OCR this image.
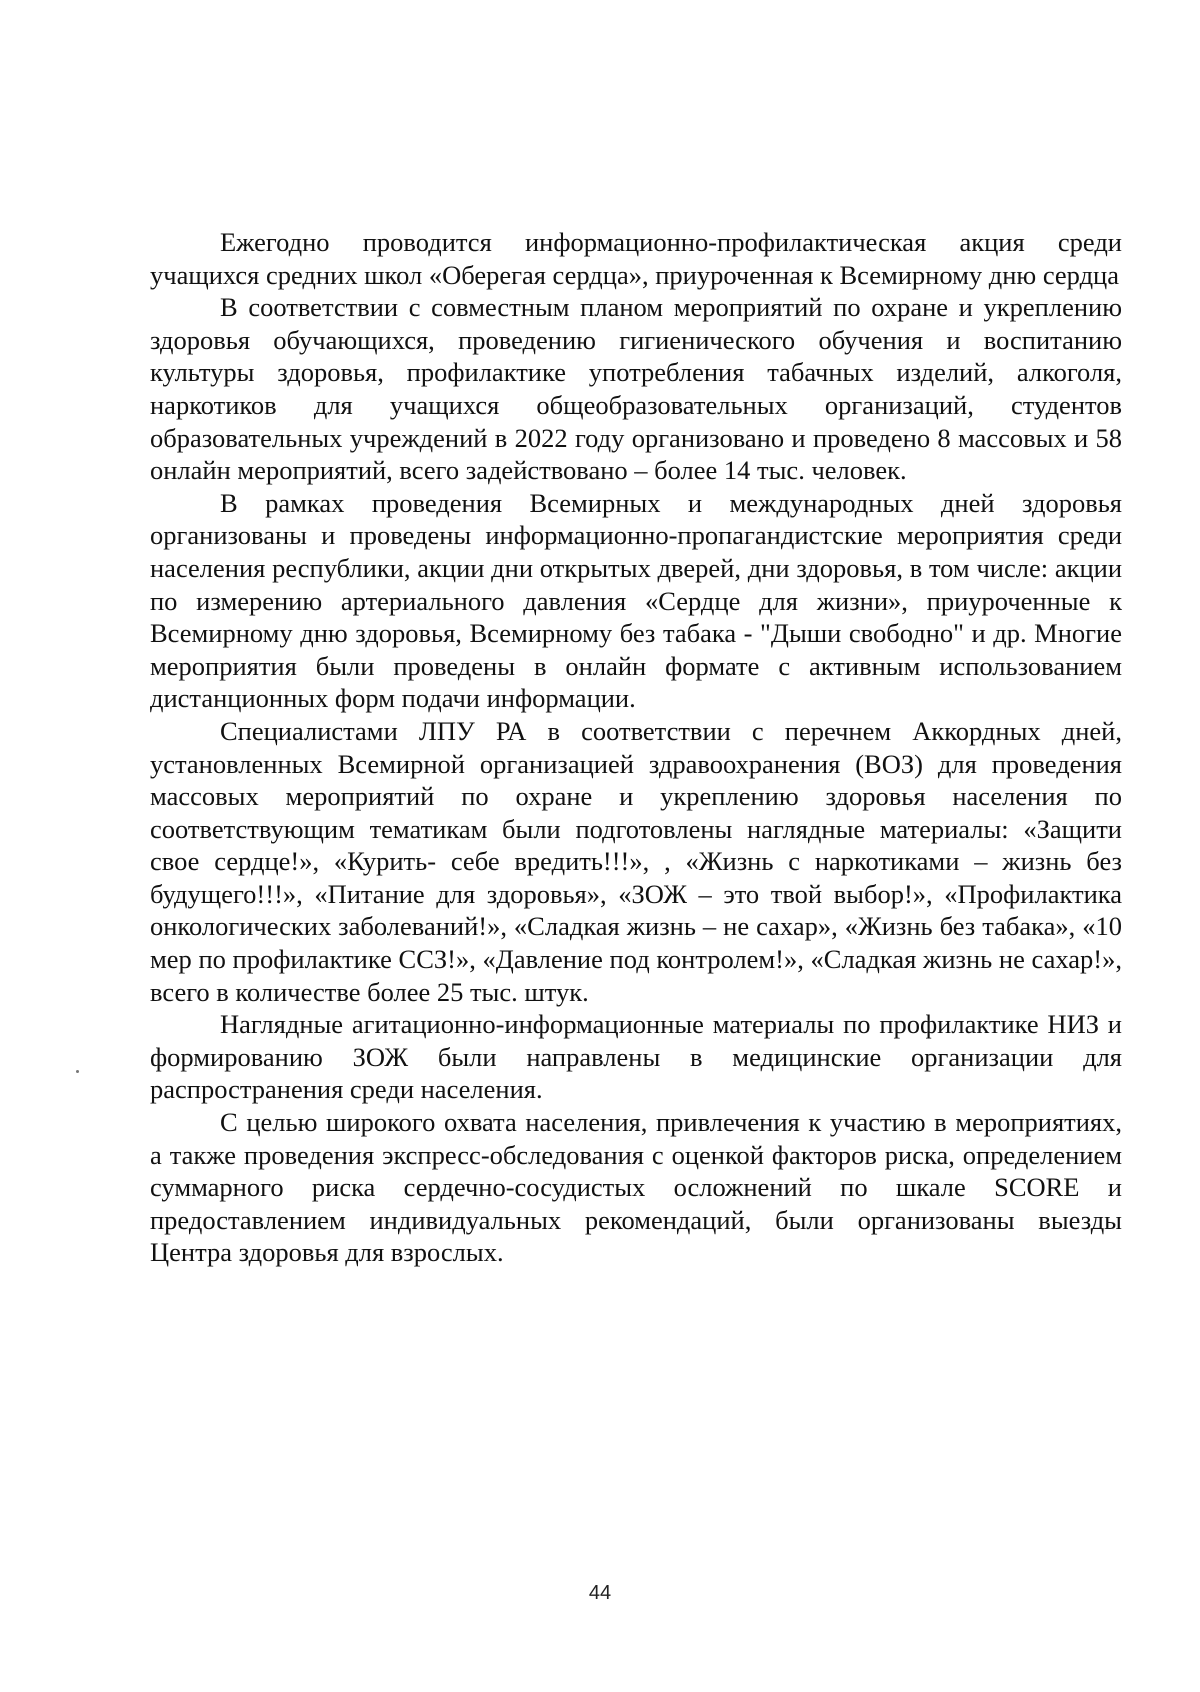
Ежегодно проводится информационно-профилактическая акция среди учащихся средних школ «Оберегая сердца», приуроченная к Всемирному дню сердца

В соответствии с совместным планом мероприятий по охране и укреплению здоровья обучающихся, проведению гигиенического обучения и воспитанию культуры здоровья, профилактике употребления табачных изделий, алкоголя, наркотиков для учащихся общеобразовательных организаций, студентов образовательных учреждений в 2022 году организовано и проведено 8 массовых и 58 онлайн мероприятий, всего задействовано – более 14 тыс. человек.

В рамках проведения Всемирных и международных дней здоровья организованы и проведены информационно-пропагандистские мероприятия среди населения республики, акции дни открытых дверей, дни здоровья, в том числе: акции по измерению артериального давления «Сердце для жизни», приуроченные к Всемирному дню здоровья, Всемирному без табака - "Дыши свободно" и др. Многие мероприятия были проведены в онлайн формате с активным использованием дистанционных форм подачи информации.

Специалистами ЛПУ РА в соответствии с перечнем Аккордных дней, установленных Всемирной организацией здравоохранения (ВОЗ) для проведения массовых мероприятий по охране и укреплению здоровья населения по соответствующим тематикам были подготовлены наглядные материалы: «Защити свое сердце!», «Курить- себе вредить!!!», , «Жизнь с наркотиками – жизнь без будущего!!!», «Питание для здоровья», «ЗОЖ – это твой выбор!», «Профилактика онкологических заболеваний!», «Сладкая жизнь – не сахар», «Жизнь без табака», «10 мер по профилактике ССЗ!», «Давление под контролем!», «Сладкая жизнь не сахар!», всего в количестве более 25 тыс. штук.

Наглядные агитационно-информационные материалы по профилактике НИЗ и формированию ЗОЖ были направлены в медицинские организации для распространения среди населения.

С целью широкого охвата населения, привлечения к участию в мероприятиях, а также проведения экспресс-обследования с оценкой факторов риска, определением суммарного риска сердечно-сосудистых осложнений по шкале SCORE и предоставлением индивидуальных рекомендаций, были организованы выезды Центра здоровья для взрослых.

44
